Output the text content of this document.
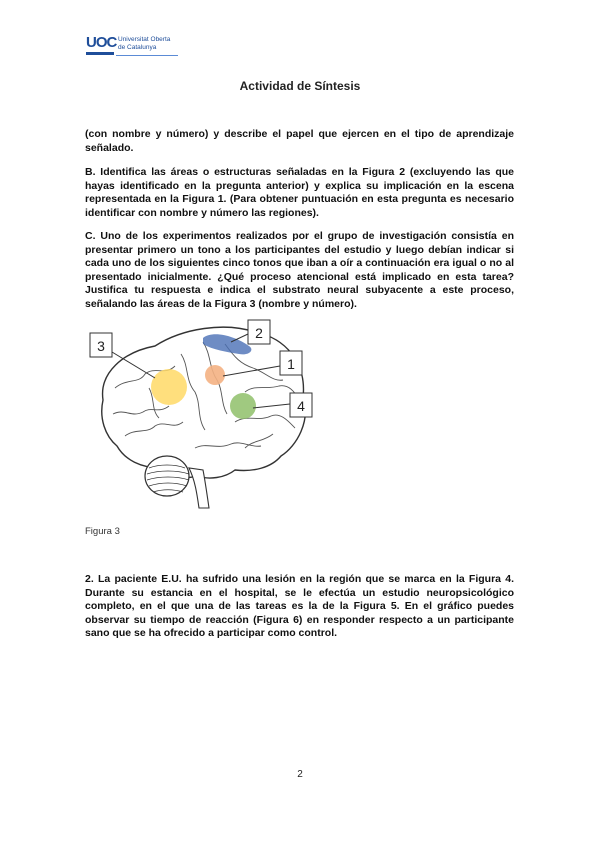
UOC Universitat Oberta
de Catalunya
Actividad de Síntesis

(con nombre y número) y describe el papel que ejercen en el tipo de aprendizaje señalado.

B. Identifica las áreas o estructuras señaladas en la Figura 2 (excluyendo las que hayas identificado en la pregunta anterior) y explica su implicación en la escena representada en la Figura 1. (Para obtener puntuación en esta pregunta es necesario identificar con nombre y número las regiones).

C. Uno de los experimentos realizados por el grupo de investigación consistía en presentar primero un tono a los participantes del estudio y luego debían indicar si cada uno de los siguientes cinco tonos que iban a oír a continuación era igual o no al presentado inicialmente. ¿Qué proceso atencional está implicado en esta tarea? Justifica tu respuesta e indica el substrato neural subyacente a este proceso, señalando las áreas de la Figura 3 (nombre y número).

2
1
3
4
Figura 3

2. La paciente E.U. ha sufrido una lesión en la región que se marca en la Figura 4. Durante su estancia en el hospital, se le efectúa un estudio neuropsicológico completo, en el que una de las tareas es la de la Figura 5. En el gráfico puedes observar su tiempo de reacción (Figura 6) en responder respecto a un participante sano que se ha ofrecido a participar como control.

2
